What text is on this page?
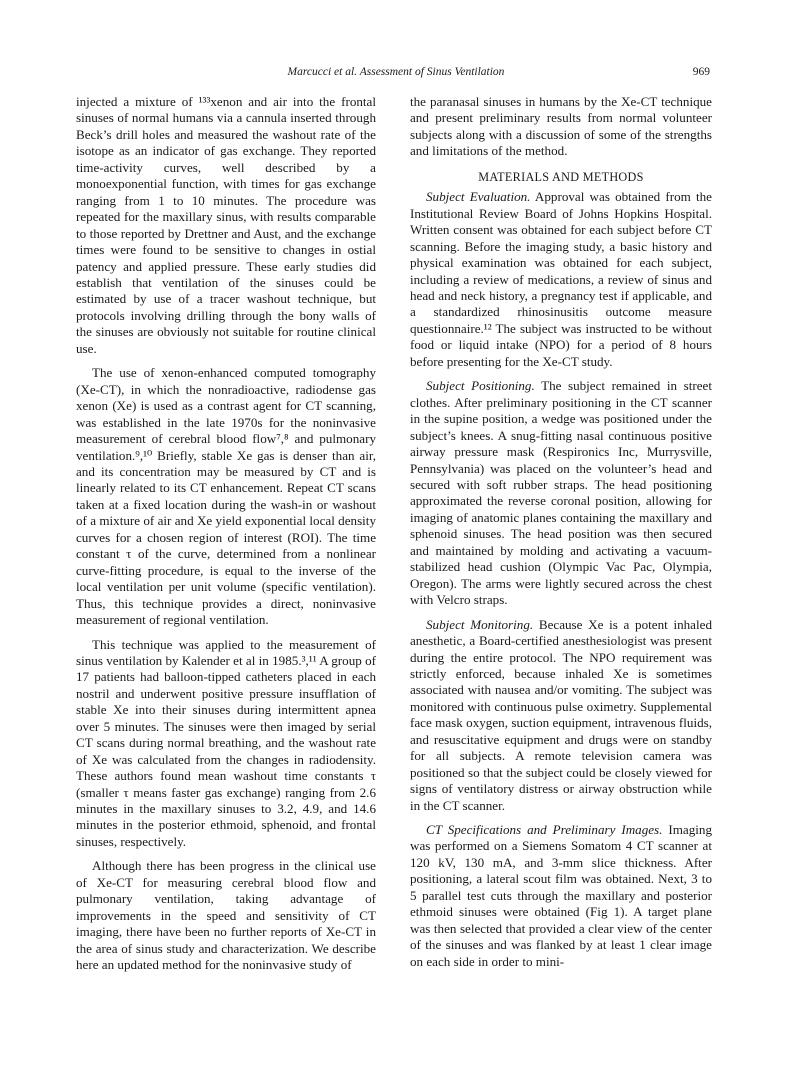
Marcucci et al. Assessment of Sinus Ventilation	969

injected a mixture of ¹³³xenon and air into the frontal sinuses of normal humans via a cannula inserted through Beck’s drill holes and measured the washout rate of the isotope as an indicator of gas exchange. They reported time-activity curves, well described by a monoexponential function, with times for gas exchange ranging from 1 to 10 minutes. The procedure was repeated for the maxillary sinus, with results comparable to those reported by Drettner and Aust, and the exchange times were found to be sensitive to changes in ostial patency and applied pressure. These early studies did establish that ventilation of the sinuses could be estimated by use of a tracer washout technique, but protocols involving drilling through the bony walls of the sinuses are obviously not suitable for routine clinical use.

The use of xenon-enhanced computed tomography (Xe-CT), in which the nonradioactive, radiodense gas xenon (Xe) is used as a contrast agent for CT scanning, was established in the late 1970s for the noninvasive measurement of cerebral blood flow⁷,⁸ and pulmonary ventilation.⁹,¹⁰ Briefly, stable Xe gas is denser than air, and its concentration may be measured by CT and is linearly related to its CT enhancement. Repeat CT scans taken at a fixed location during the wash-in or washout of a mixture of air and Xe yield exponential local density curves for a chosen region of interest (ROI). The time constant τ of the curve, determined from a nonlinear curve-fitting procedure, is equal to the inverse of the local ventilation per unit volume (specific ventilation). Thus, this technique provides a direct, noninvasive measurement of regional ventilation.

This technique was applied to the measurement of sinus ventilation by Kalender et al in 1985.³,¹¹ A group of 17 patients had balloon-tipped catheters placed in each nostril and underwent positive pressure insufflation of stable Xe into their sinuses during intermittent apnea over 5 minutes. The sinuses were then imaged by serial CT scans during normal breathing, and the washout rate of Xe was calculated from the changes in radiodensity. These authors found mean washout time constants τ (smaller τ means faster gas exchange) ranging from 2.6 minutes in the maxillary sinuses to 3.2, 4.9, and 14.6 minutes in the posterior ethmoid, sphenoid, and frontal sinuses, respectively.

Although there has been progress in the clinical use of Xe-CT for measuring cerebral blood flow and pulmonary ventilation, taking advantage of improvements in the speed and sensitivity of CT imaging, there have been no further reports of Xe-CT in the area of sinus study and characterization. We describe here an updated method for the noninvasive study of

the paranasal sinuses in humans by the Xe-CT technique and present preliminary results from normal volunteer subjects along with a discussion of some of the strengths and limitations of the method.

MATERIALS AND METHODS

Subject Evaluation. Approval was obtained from the Institutional Review Board of Johns Hopkins Hospital. Written consent was obtained for each subject before CT scanning. Before the imaging study, a basic history and physical examination was obtained for each subject, including a review of medications, a review of sinus and head and neck history, a pregnancy test if applicable, and a standardized rhinosinusitis outcome measure questionnaire.¹² The subject was instructed to be without food or liquid intake (NPO) for a period of 8 hours before presenting for the Xe-CT study.

Subject Positioning. The subject remained in street clothes. After preliminary positioning in the CT scanner in the supine position, a wedge was positioned under the subject’s knees. A snug-fitting nasal continuous positive airway pressure mask (Respironics Inc, Murrysville, Pennsylvania) was placed on the volunteer’s head and secured with soft rubber straps. The head positioning approximated the reverse coronal position, allowing for imaging of anatomic planes containing the maxillary and sphenoid sinuses. The head position was then secured and maintained by molding and activating a vacuum-stabilized head cushion (Olympic Vac Pac, Olympia, Oregon). The arms were lightly secured across the chest with Velcro straps.

Subject Monitoring. Because Xe is a potent inhaled anesthetic, a Board-certified anesthesiologist was present during the entire protocol. The NPO requirement was strictly enforced, because inhaled Xe is sometimes associated with nausea and/or vomiting. The subject was monitored with continuous pulse oximetry. Supplemental face mask oxygen, suction equipment, intravenous fluids, and resuscitative equipment and drugs were on standby for all subjects. A remote television camera was positioned so that the subject could be closely viewed for signs of ventilatory distress or airway obstruction while in the CT scanner.

CT Specifications and Preliminary Images. Imaging was performed on a Siemens Somatom 4 CT scanner at 120 kV, 130 mA, and 3-mm slice thickness. After positioning, a lateral scout film was obtained. Next, 3 to 5 parallel test cuts through the maxillary and posterior ethmoid sinuses were obtained (Fig 1). A target plane was then selected that provided a clear view of the center of the sinuses and was flanked by at least 1 clear image on each side in order to mini-
